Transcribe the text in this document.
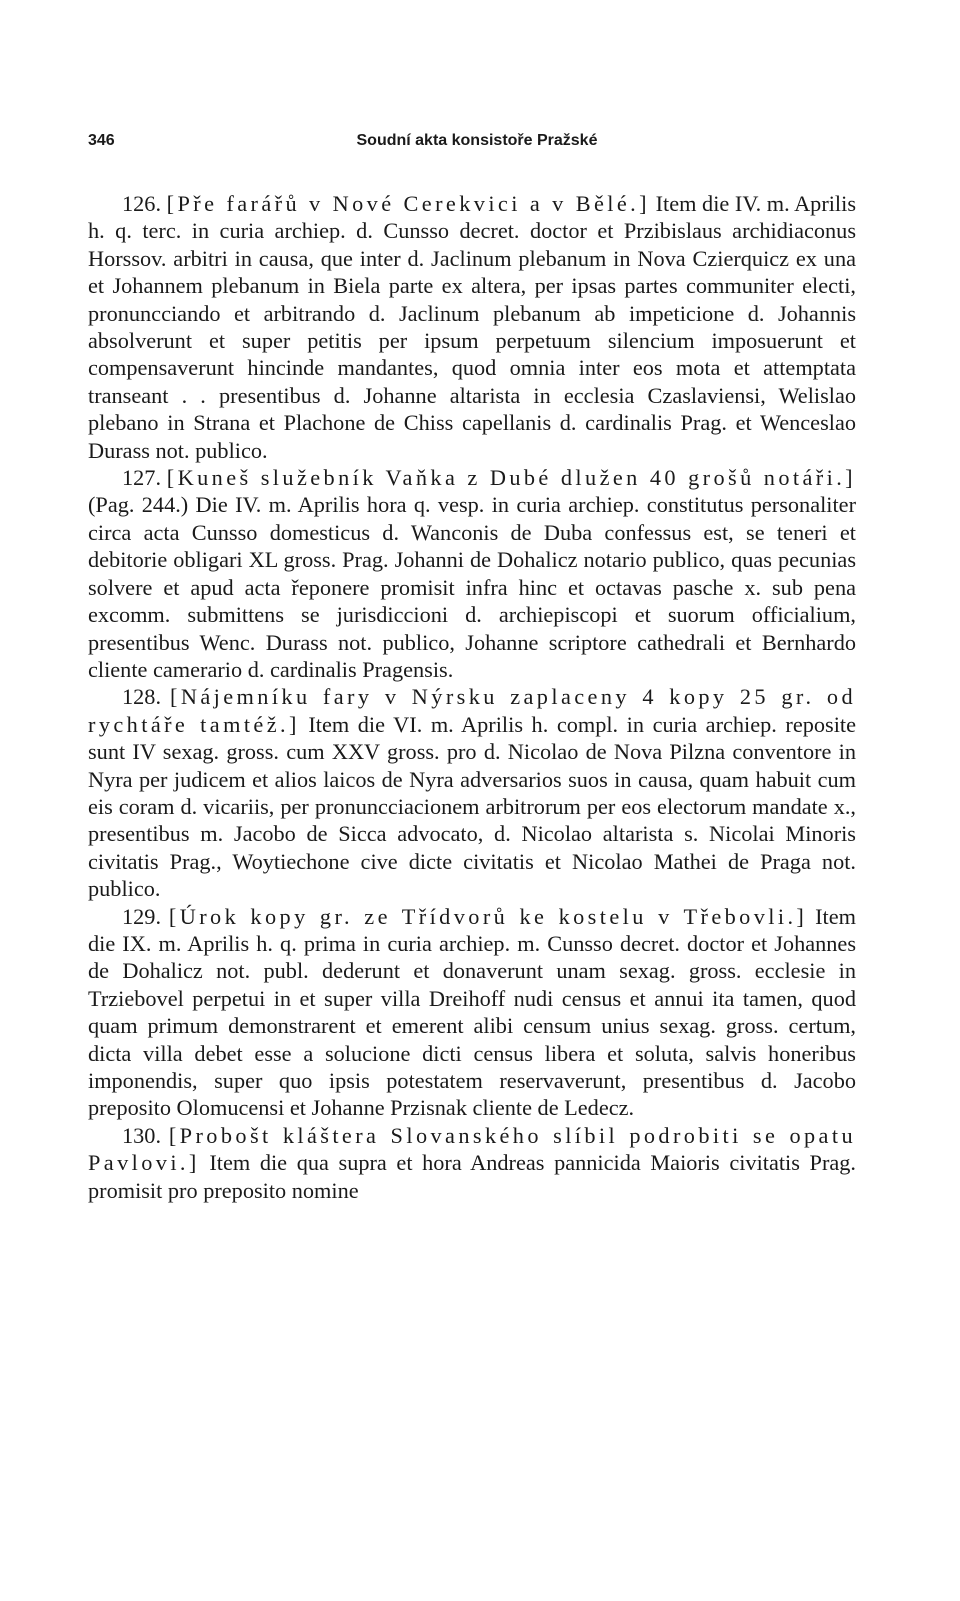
346	Soudní akta konsistoře Pražské

126. [Pře farářů v Nové Cerekvici a v Bělé.] Item die IV. m. Aprilis h. q. terc. in curia archiep. d. Cunsso decret. doctor et Przibislaus archidiaconus Horssov. arbitri in causa, que inter d. Jaclinum plebanum in Nova Czierquicz ex una et Johannem plebanum in Biela parte ex altera, per ipsas partes communiter electi, pronuncciando et arbitrando d. Jaclinum plebanum ab impeticione d. Johannis absolverunt et super petitis per ipsum perpetuum silencium imposuerunt et compensaverunt hincinde mandantes, quod omnia inter eos mota et attemptata transeant . . presentibus d. Johanne altarista in ecclesia Czaslaviensi, Welislao plebano in Strana et Plachone de Chiss capellanis d. cardinalis Prag. et Wenceslao Durass not. publico.

127. [Kuneš služebník Vaňka z Dubé dlužen 40 grošů notáři.] (Pag. 244.) Die IV. m. Aprilis hora q. vesp. in curia archiep. constitutus personaliter circa acta Cunsso domesticus d. Wanconis de Duba confessus est, se teneri et debitorie obligari XL gross. Prag. Johanni de Dohalicz notario publico, quas pecunias solvere et apud acta řeponere promisit infra hinc et octavas pasche x. sub pena excomm. submittens se jurisdiccioni d. archiepiscopi et suorum officialium, presentibus Wenc. Durass not. publico, Johanne scriptore cathedrali et Bernhardo cliente camerario d. cardinalis Pragensis.

128. [Nájemníku fary v Nýrsku zaplaceny 4 kopy 25 gr. od rychtáře tamtéž.] Item die VI. m. Aprilis h. compl. in curia archiep. reposite sunt IV sexag. gross. cum XXV gross. pro d. Nicolao de Nova Pilzna conventore in Nyra per judicem et alios laicos de Nyra adversarios suos in causa, quam habuit cum eis coram d. vicariis, per pronuncciacionem arbitrorum per eos electorum mandate x., presentibus m. Jacobo de Sicca advocato, d. Nicolao altarista s. Nicolai Minoris civitatis Prag., Woytiechone cive dicte civitatis et Nicolao Mathei de Praga not. publico.

129. [Úrok kopy gr. ze Třídvorů ke kostelu v Třebovli.] Item die IX. m. Aprilis h. q. prima in curia archiep. m. Cunsso decret. doctor et Johannes de Dohalicz not. publ. dederunt et donaverunt unam sexag. gross. ecclesie in Trziebovel perpetui in et super villa Dreihoff nudi census et annui ita tamen, quod quam primum demonstrarent et emerent alibi censum unius sexag. gross. certum, dicta villa debet esse a solucione dicti census libera et soluta, salvis honeribus imponendis, super quo ipsis potestatem reservaverunt, presentibus d. Jacobo preposito Olomucensi et Johanne Przisnak cliente de Ledecz.

130. [Probošt kláštera Slovanského slíbil podrobiti se opatu Pavlovi.] Item die qua supra et hora Andreas pannicida Maioris civitatis Prag. promisit pro preposito nomine
